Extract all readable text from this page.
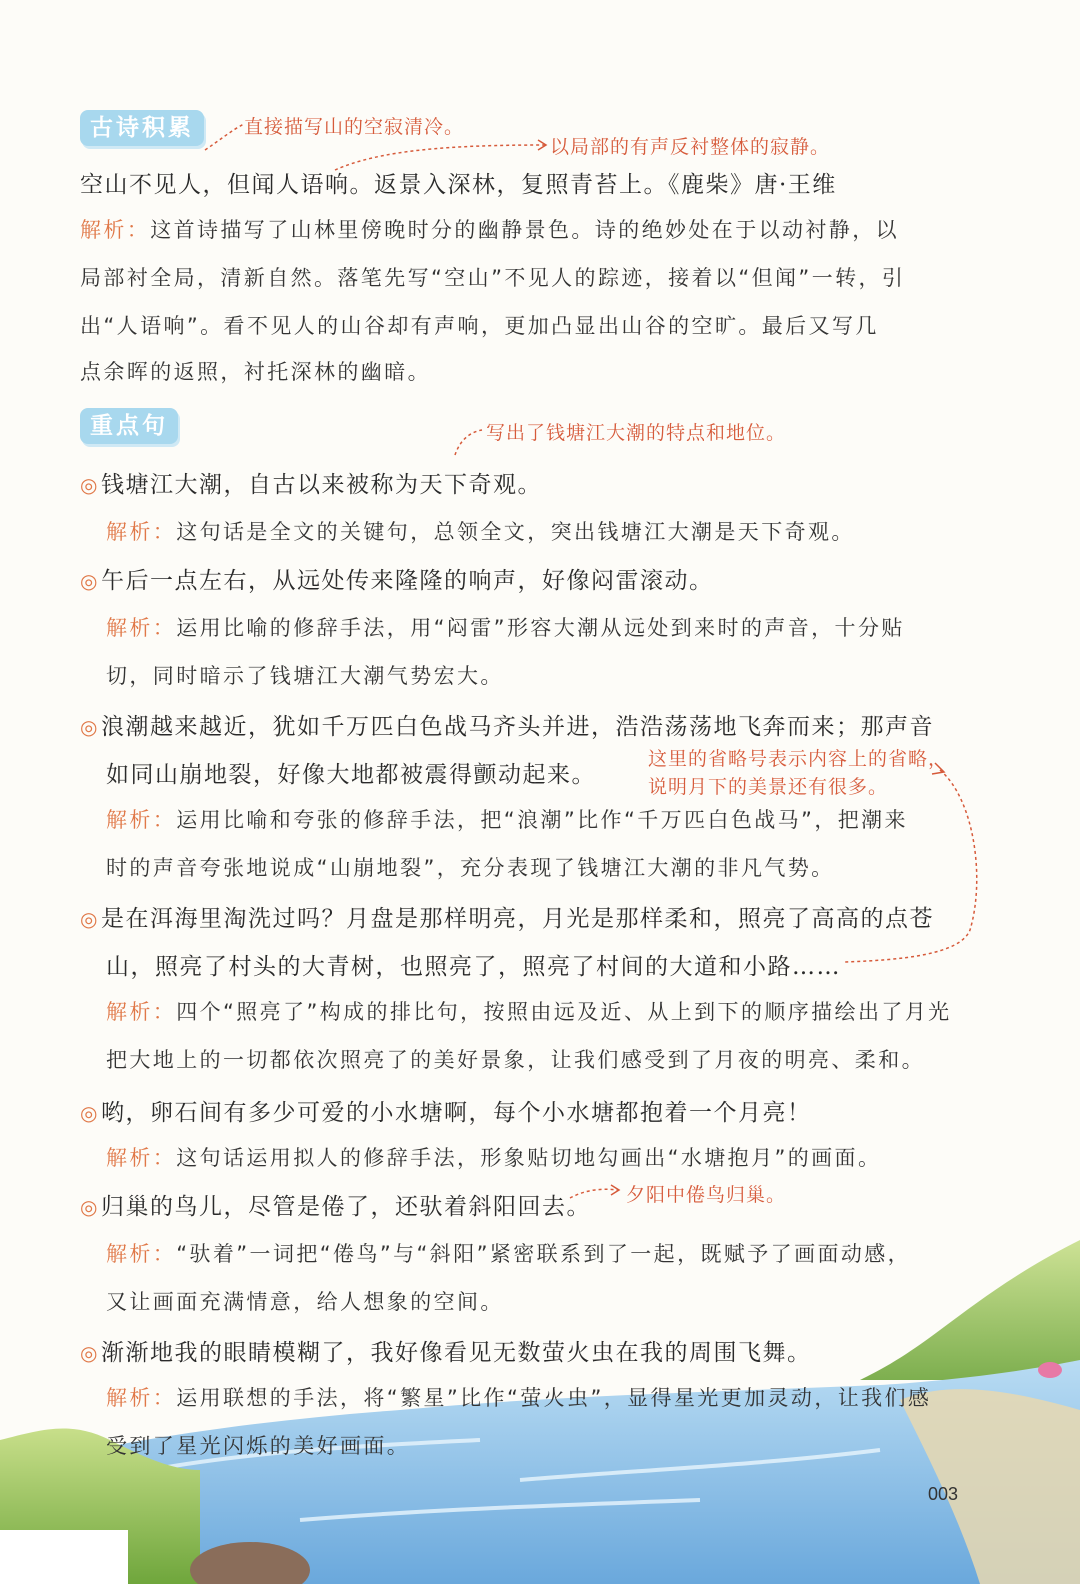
古诗积累	直接描写山的空寂清冷。
以局部的有声反衬整体的寂静。
空山不见人，但闻人语响。返景入深林，复照青苔上。《鹿柴》唐·王维
解析：这首诗描写了山林里傍晚时分的幽静景色。诗的绝妙处在于以动衬静，以
局部衬全局，清新自然。落笔先写“空山”不见人的踪迹，接着以“但闻”一转，引
出“人语响”。看不见人的山谷却有声响，更加凸显出山谷的空旷。最后又写几
点余晖的返照，衬托深林的幽暗。
重点句	写出了钱塘江大潮的特点和地位。
◎钱塘江大潮，自古以来被称为天下奇观。
解析：这句话是全文的关键句，总领全文，突出钱塘江大潮是天下奇观。
◎午后一点左右，从远处传来隆隆的响声，好像闷雷滚动。
解析：运用比喻的修辞手法，用“闷雷”形容大潮从远处到来时的声音，十分贴
切，同时暗示了钱塘江大潮气势宏大。
◎浪潮越来越近，犹如千万匹白色战马齐头并进，浩浩荡荡地飞奔而来；那声音
如同山崩地裂，好像大地都被震得颤动起来。
这里的省略号表示内容上的省略，
说明月下的美景还有很多。
解析：运用比喻和夸张的修辞手法，把“浪潮”比作“千万匹白色战马”，把潮来
时的声音夸张地说成“山崩地裂”，充分表现了钱塘江大潮的非凡气势。
◎是在洱海里淘洗过吗？月盘是那样明亮，月光是那样柔和，照亮了高高的点苍
山，照亮了村头的大青树，也照亮了，照亮了村间的大道和小路……
解析：四个“照亮了”构成的排比句，按照由远及近、从上到下的顺序描绘出了月光
把大地上的一切都依次照亮了的美好景象，让我们感受到了月夜的明亮、柔和。
◎哟，卵石间有多少可爱的小水塘啊，每个小水塘都抱着一个月亮！
解析：这句话运用拟人的修辞手法，形象贴切地勾画出“水塘抱月”的画面。
◎归巢的鸟儿，尽管是倦了，还驮着斜阳回去。 夕阳中倦鸟归巢。
解析：“驮着”一词把“倦鸟”与“斜阳”紧密联系到了一起，既赋予了画面动感，
又让画面充满情意，给人想象的空间。
◎渐渐地我的眼睛模糊了，我好像看见无数萤火虫在我的周围飞舞。
解析：运用联想的手法，将“繁星”比作“萤火虫”，显得星光更加灵动，让我们感
受到了星光闪烁的美好画面。
003
